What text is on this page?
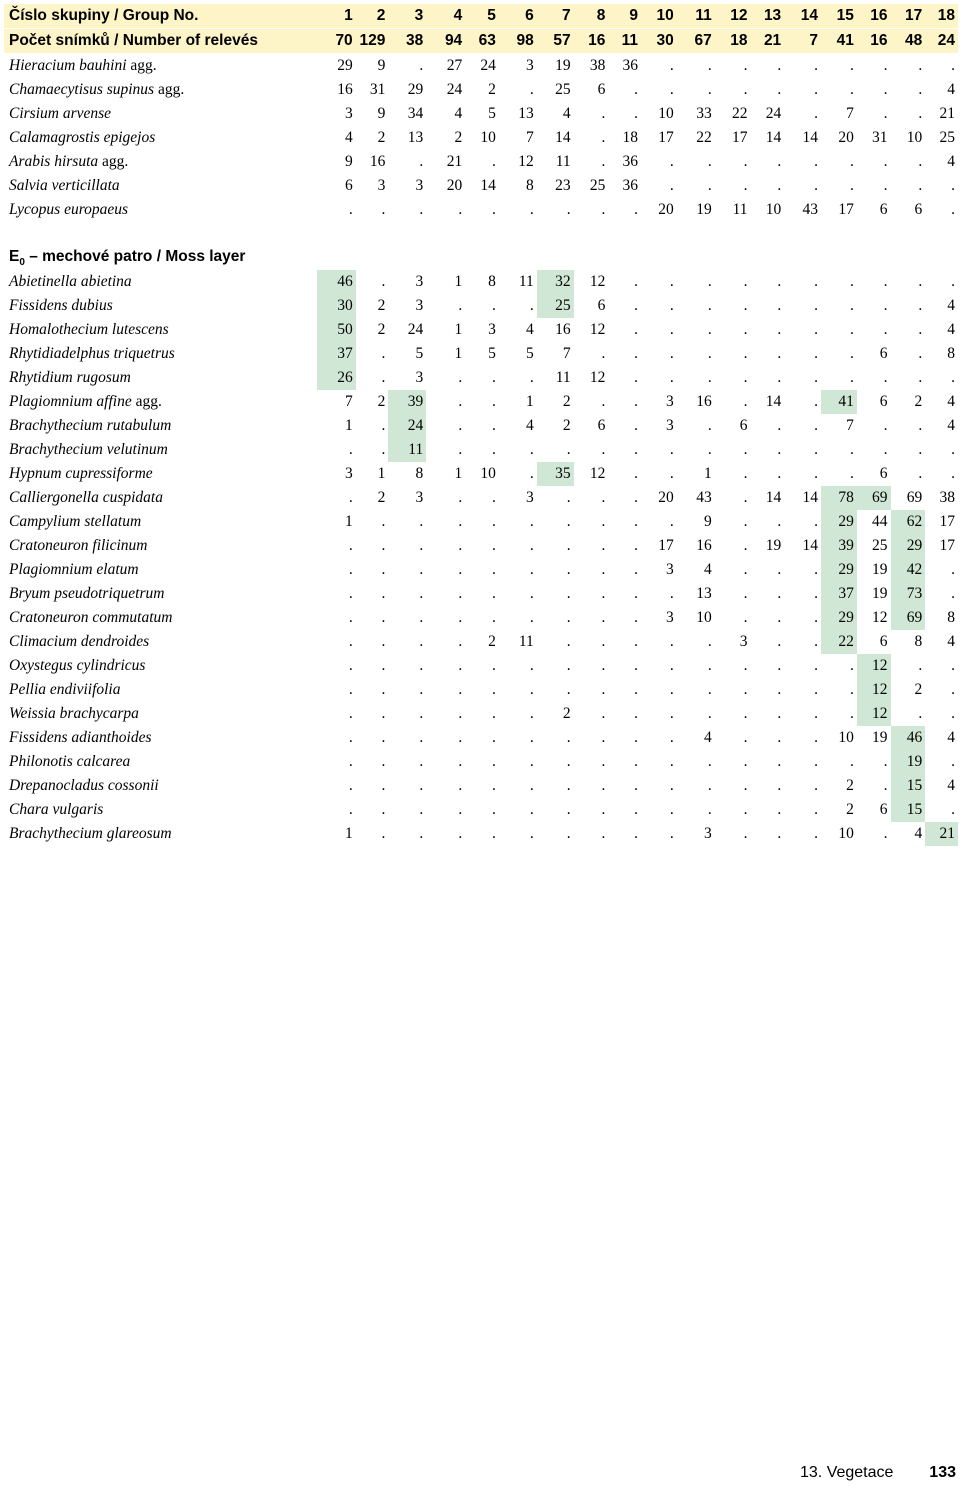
Číslo skupiny / Group No.	1	2	3	4	5	6	7	8	9	10	11	12	13	14	15	16	17	18
Počet snímků / Number of relevés	70	129	38	94	63	98	57	16	11	30	67	18	21	7	41	16	48	24
Hieracium bauhini agg.	29	9	.	27	24	3	19	38	36	.	.	.	.	.	.	.	.	.
Chamaecytisus supinus agg.	16	31	29	24	2	.	25	6	.	.	.	.	.	.	.	.	.	4
Cirsium arvense	3	9	34	4	5	13	4	.	.	10	33	22	24	.	7	.	.	21
Calamagrostis epigejos	4	2	13	2	10	7	14	.	18	17	22	17	14	14	20	31	10	25
Arabis hirsuta agg.	9	16	.	21	.	12	11	.	36	.	.	.	.	.	.	.	.	4
Salvia verticillata	6	3	3	20	14	8	23	25	36	.	.	.	.	.	.	.	.	.
Lycopus europaeus	.	.	.	.	.	.	.	.	.	20	19	11	10	43	17	6	6	.

$E_0$ – mechové patro / Moss layer																		
Abietinella abietina	46	.	3	1	8	11	32	12	.	.	.	.	.	.	.	.	.	.
Fissidens dubius	30	2	3	.	.	.	25	6	.	.	.	.	.	.	.	.	.	4
Homalothecium lutescens	50	2	24	1	3	4	16	12	.	.	.	.	.	.	.	.	.	4
Rhytidiadelphus triquetrus	37	.	5	1	5	5	7	.	.	.	.	.	.	.	.	6	.	8
Rhytidium rugosum	26	.	3	.	.	.	11	12	.	.	.	.	.	.	.	.	.	.
Plagiomnium affine agg.	7	2	39	.	.	1	2	.	.	3	16	.	14	.	41	6	2	4
Brachythecium rutabulum	1	.	24	.	.	4	2	6	.	3	.	6	.	.	7	.	.	4
Brachythecium velutinum	.	.	11	.	.	.	.	.	.	.	.	.	.	.	.	.	.	.
Hypnum cupressiforme	3	1	8	1	10	.	35	12	.	.	1	.	.	.	.	6	.	.
Calliergonella cuspidata	.	2	3	.	.	3	.	.	.	20	43	.	14	14	78	69	69	38
Campylium stellatum	1	.	.	.	.	.	.	.	.	.	9	.	.	.	29	44	62	17
Cratoneuron filicinum	.	.	.	.	.	.	.	.	.	17	16	.	19	14	39	25	29	17
Plagiomnium elatum	.	.	.	.	.	.	.	.	.	3	4	.	.	.	29	19	42	.
Bryum pseudotriquetrum	.	.	.	.	.	.	.	.	.	.	13	.	.	.	37	19	73	.
Cratoneuron commutatum	.	.	.	.	.	.	.	.	.	3	10	.	.	.	29	12	69	8
Climacium dendroides	.	.	.	.	2	11	.	.	.	.	.	3	.	.	22	6	8	4
Oxystegus cylindricus	.	.	.	.	.	.	.	.	.	.	.	.	.	.	.	12	.	.
Pellia endiviifolia	.	.	.	.	.	.	.	.	.	.	.	.	.	.	.	12	2	.
Weissia brachycarpa	.	.	.	.	.	.	2	.	.	.	.	.	.	.	.	12	.	.
Fissidens adianthoides	.	.	.	.	.	.	.	.	.	.	4	.	.	.	10	19	46	4
Philonotis calcarea	.	.	.	.	.	.	.	.	.	.	.	.	.	.	.	.	19	.
Drepanocladus cossonii	.	.	.	.	.	.	.	.	.	.	.	.	.	.	2	.	15	4
Chara vulgaris	.	.	.	.	.	.	.	.	.	.	.	.	.	.	2	6	15	.
Brachythecium glareosum	1	.	.	.	.	.	.	.	.	.	3	.	.	.	10	.	4	21
13. Vegetace 133
